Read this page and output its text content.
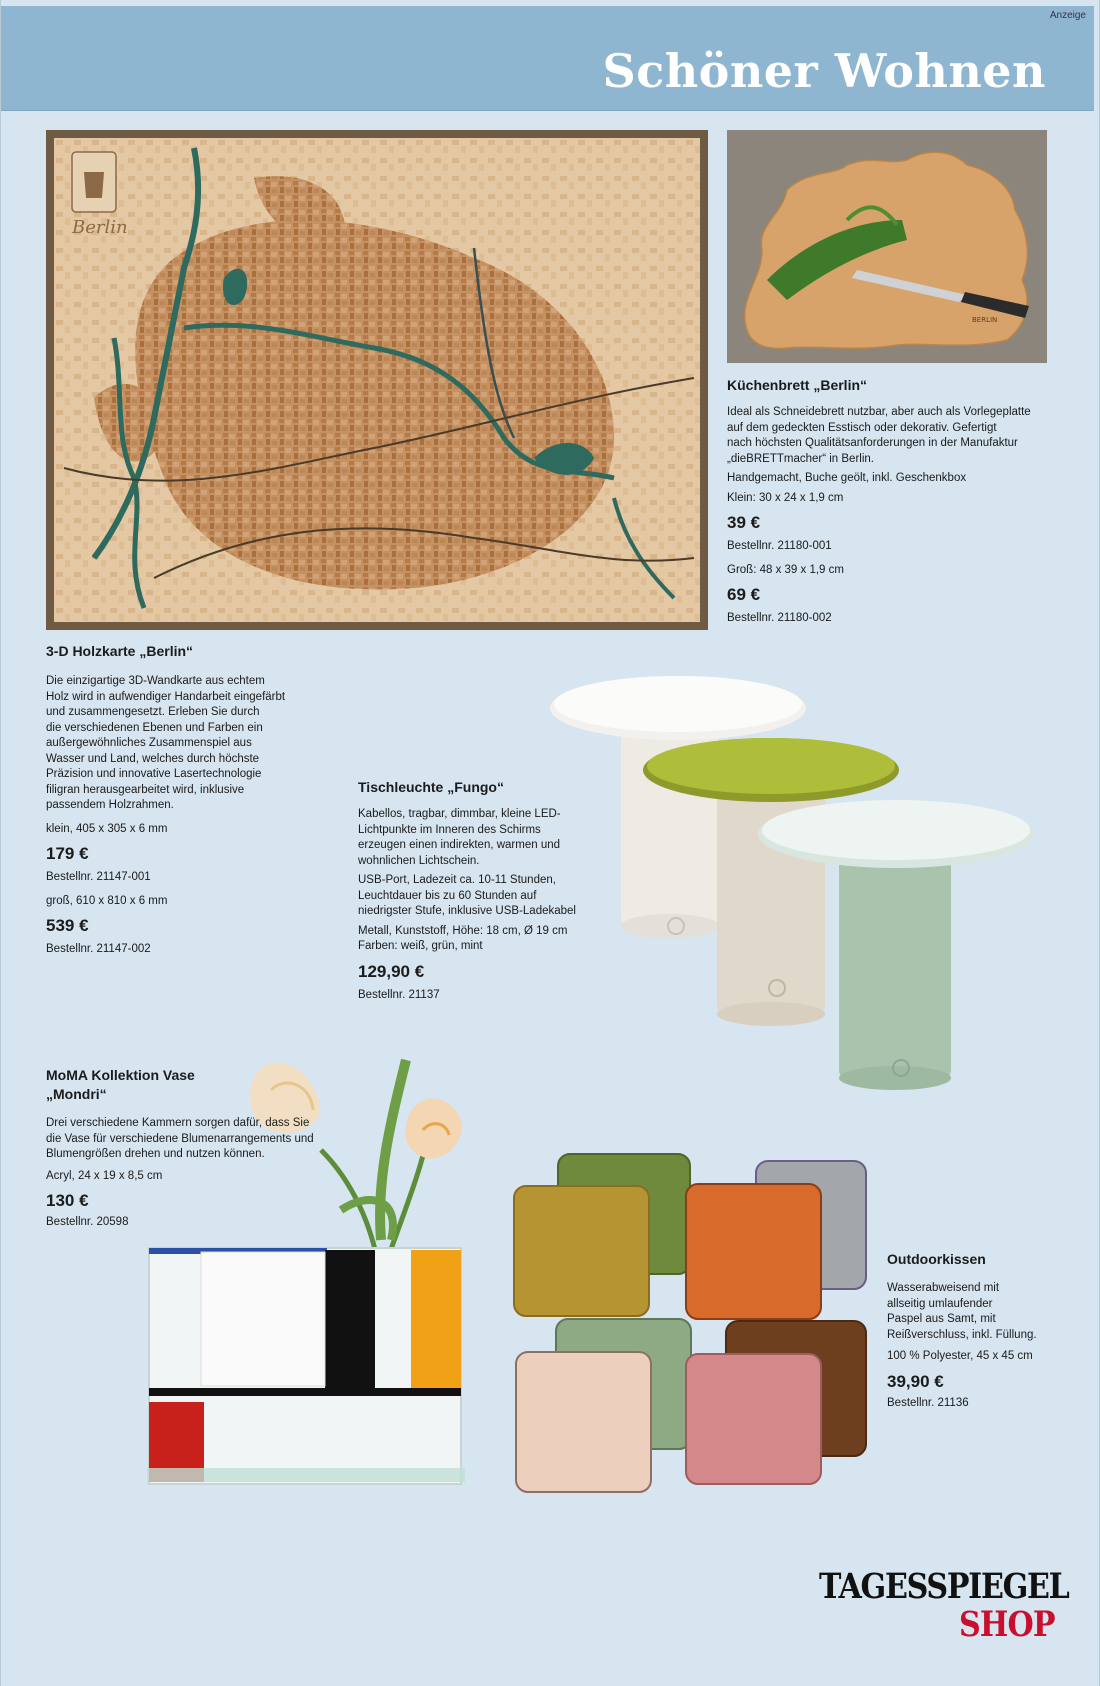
Anzeige
Schöner Wohnen
Berlin
BERLIN
Küchenbrett „Berlin“
Ideal als Schneidebrett nutzbar, aber auch als Vorlegeplatte
auf dem gedeckten Esstisch oder dekorativ. Gefertigt
nach höchsten Qualitätsanforderungen in der Manufaktur
„dieBRETTmacher“ in Berlin.
Handgemacht, Buche geölt, inkl. Geschenkbox
Klein: 30 x 24 x 1,9 cm
39 €
Bestellnr. 21180-001
Groß: 48 x 39 x 1,9 cm
69 €
Bestellnr. 21180-002
3-D Holzkarte „Berlin“
Die einzigartige 3D-Wandkarte aus echtem
Holz wird in aufwendiger Handarbeit eingefärbt
und zusammengesetzt. Erleben Sie durch
die verschiedenen Ebenen und Farben ein
außergewöhnliches Zusammenspiel aus
Wasser und Land, welches durch höchste
Präzision und innovative Lasertechnologie
filigran herausgearbeitet wird, inklusive
passendem Holzrahmen.
klein, 405 x 305 x 6 mm
179 €
Bestellnr. 21147-001
groß, 610 x 810 x 6 mm
539 €
Bestellnr. 21147-002
Tischleuchte „Fungo“
Kabellos, tragbar, dimmbar, kleine LED-
Lichtpunkte im Inneren des Schirms
erzeugen einen indirekten, warmen und
wohnlichen Lichtschein.
USB-Port, Ladezeit ca. 10-11 Stunden,
Leuchtdauer bis zu 60 Stunden auf
niedrigster Stufe, inklusive USB-Ladekabel
Metall, Kunststoff, Höhe: 18 cm, Ø 19 cm
Farben: weiß, grün, mint
129,90 €
Bestellnr. 21137
MoMA Kollektion Vase
„Mondri“
Drei verschiedene Kammern sorgen dafür, dass Sie
die Vase für verschiedene Blumenarrangements und
Blumengrößen drehen und nutzen können.
Acryl, 24 x 19 x 8,5 cm
130 €
Bestellnr. 20598
Outdoorkissen
Wasserabweisend mit
allseitig umlaufender
Paspel aus Samt, mit
Reißverschluss, inkl. Füllung.
100 % Polyester, 45 x 45 cm
39,90 €
Bestellnr. 21136
TAGESSPIEGEL
SHOP
